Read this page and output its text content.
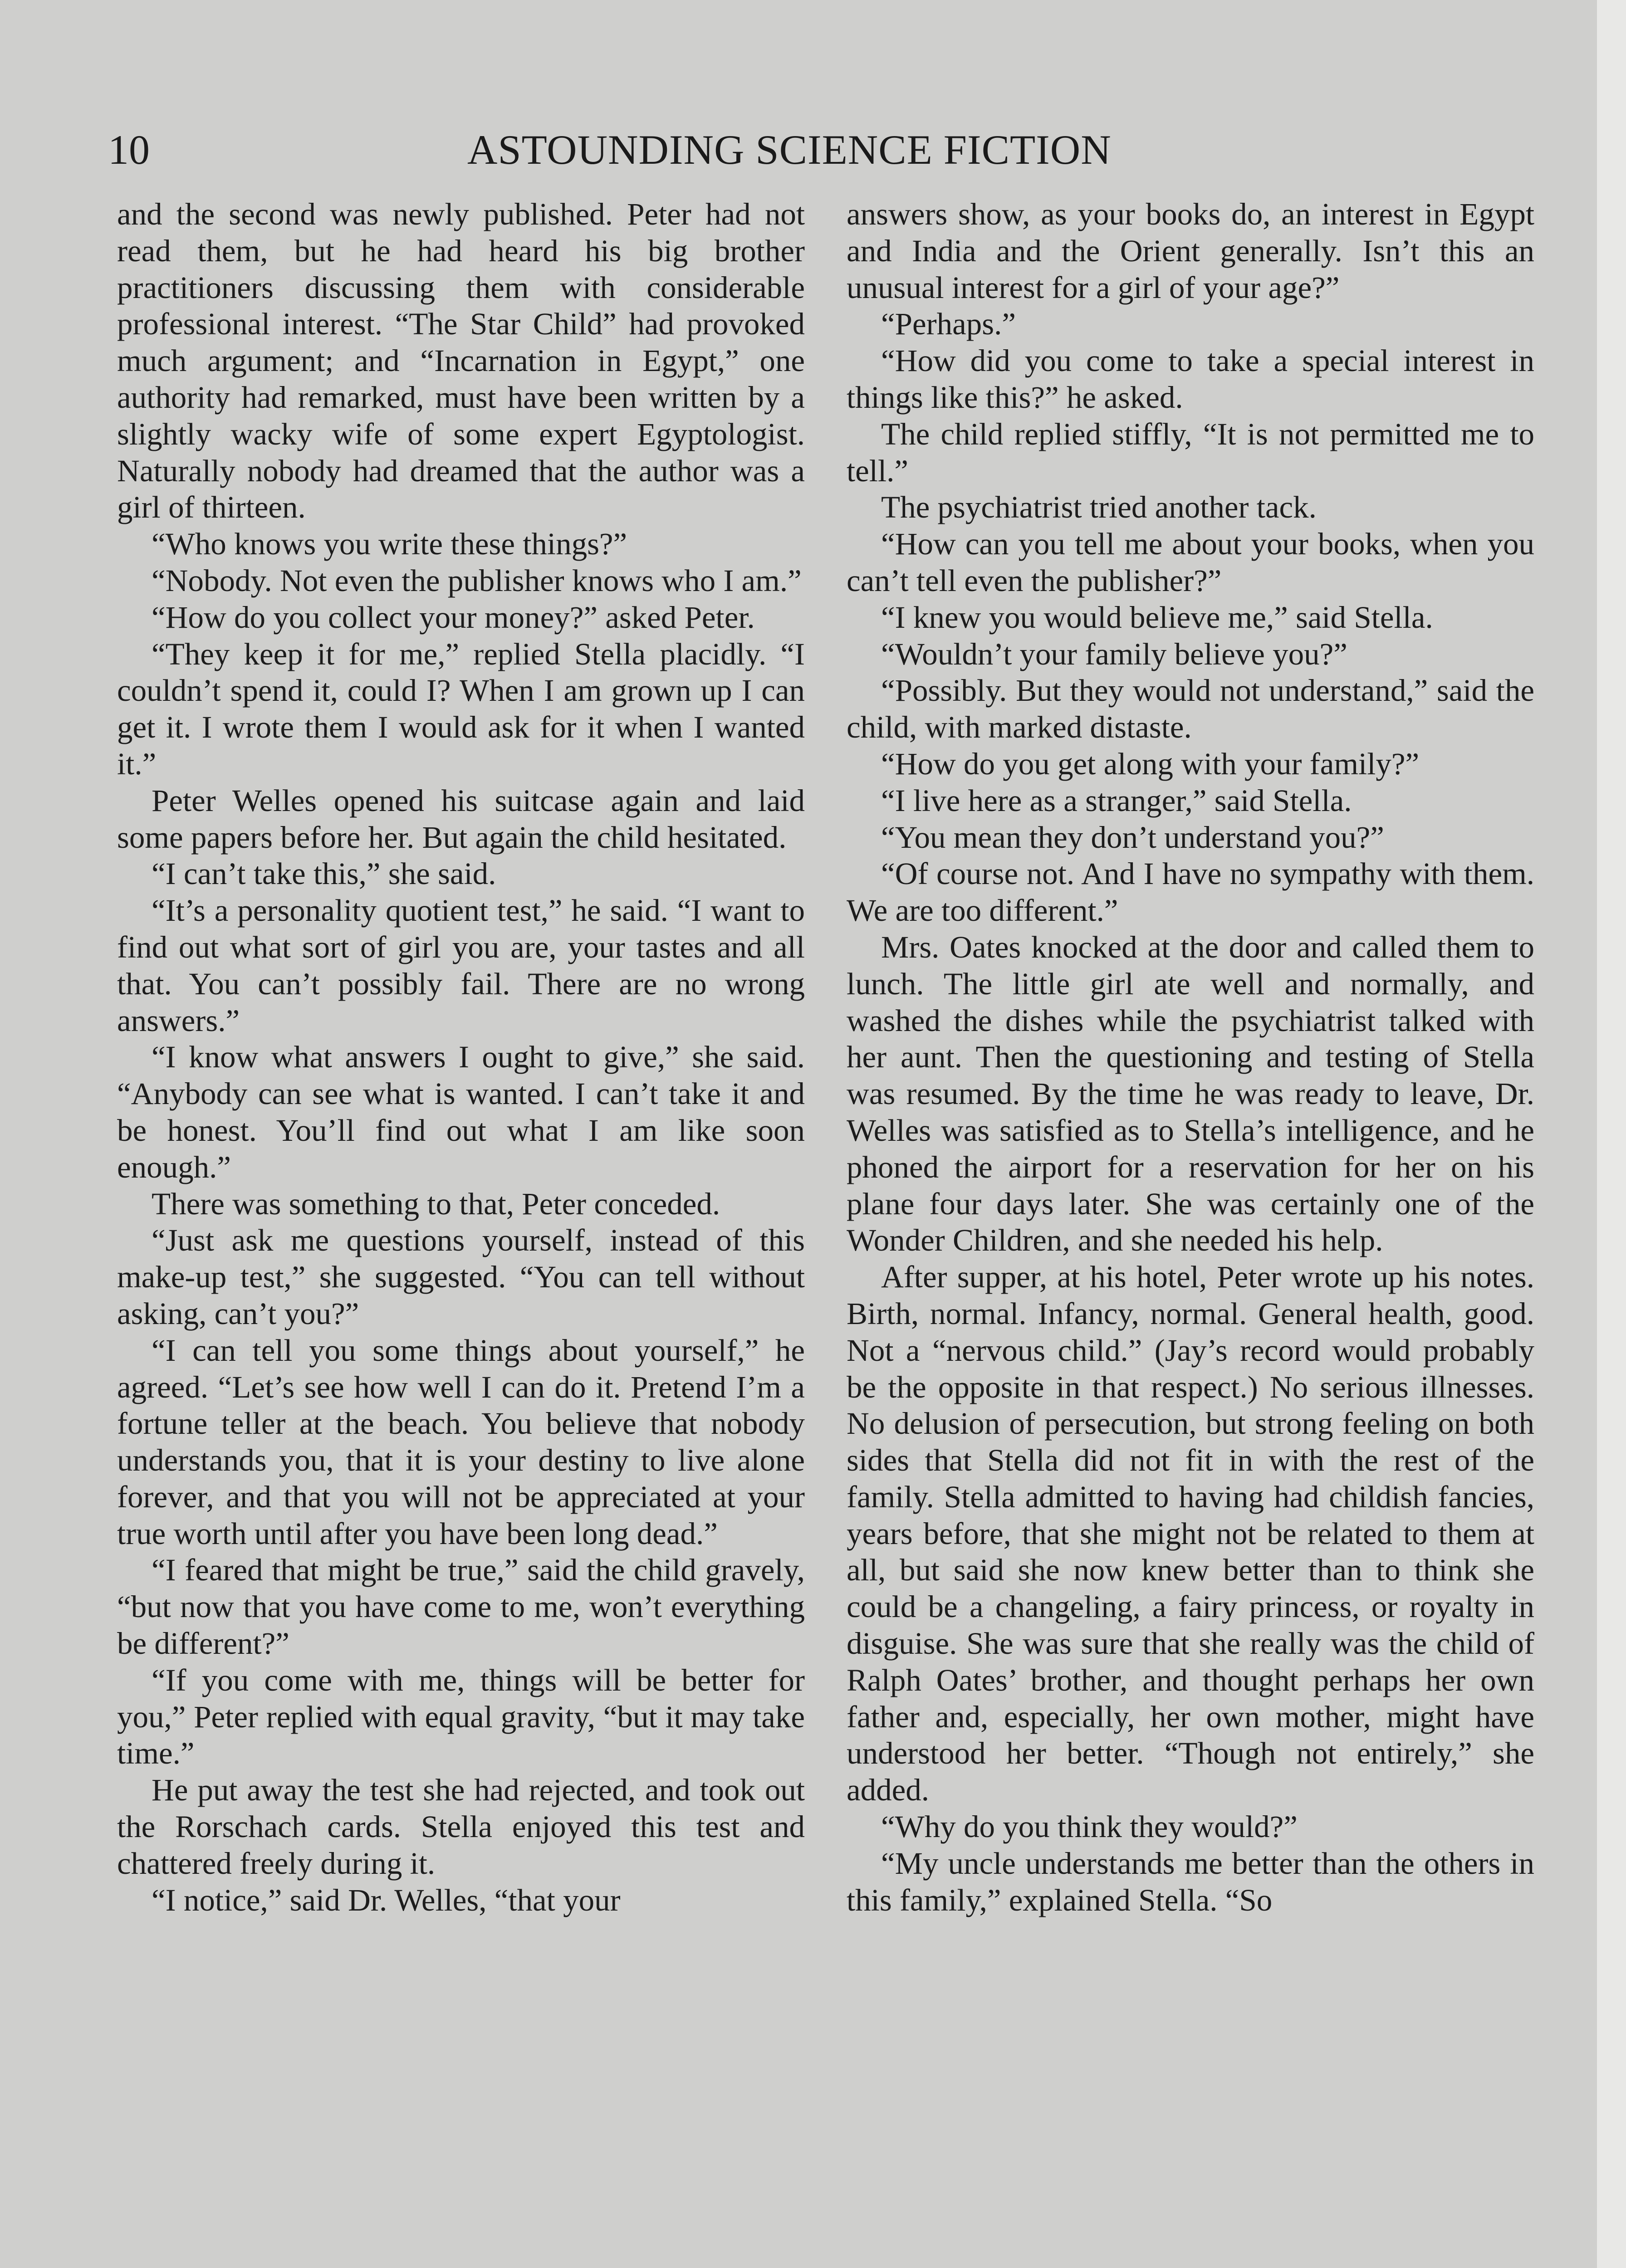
10	ASTOUNDING SCIENCE FICTION

and the second was newly published. Peter had not read them, but he had heard his big brother practitioners discussing them with considerable professional interest. “The Star Child” had provoked much argument; and “Incarnation in Egypt,” one authority had remarked, must have been written by a slightly wacky wife of some expert Egyptologist. Naturally nobody had dreamed that the author was a girl of thirteen.

“Who knows you write these things?”

“Nobody. Not even the publisher knows who I am.”

“How do you collect your money?” asked Peter.

“They keep it for me,” replied Stella placidly. “I couldn’t spend it, could I? When I am grown up I can get it. I wrote them I would ask for it when I wanted it.”

Peter Welles opened his suitcase again and laid some papers before her. But again the child hesitated.

“I can’t take this,” she said.

“It’s a personality quotient test,” he said. “I want to find out what sort of girl you are, your tastes and all that. You can’t possibly fail. There are no wrong answers.”

“I know what answers I ought to give,” she said. “Anybody can see what is wanted. I can’t take it and be honest. You’ll find out what I am like soon enough.”

There was something to that, Peter conceded.

“Just ask me questions yourself, instead of this make-up test,” she suggested. “You can tell without asking, can’t you?”

“I can tell you some things about yourself,” he agreed. “Let’s see how well I can do it. Pretend I’m a fortune teller at the beach. You believe that nobody understands you, that it is your destiny to live alone forever, and that you will not be appreciated at your true worth until after you have been long dead.”

“I feared that might be true,” said the child gravely, “but now that you have come to me, won’t everything be different?”

“If you come with me, things will be better for you,” Peter replied with equal gravity, “but it may take time.”

He put away the test she had rejected, and took out the Rorschach cards. Stella enjoyed this test and chattered freely during it.

“I notice,” said Dr. Welles, “that your

answers show, as your books do, an interest in Egypt and India and the Orient generally. Isn’t this an unusual interest for a girl of your age?”

“Perhaps.”

“How did you come to take a special interest in things like this?” he asked.

The child replied stiffly, “It is not permitted me to tell.”

The psychiatrist tried another tack.

“How can you tell me about your books, when you can’t tell even the publisher?”

“I knew you would believe me,” said Stella.

“Wouldn’t your family believe you?”

“Possibly. But they would not understand,” said the child, with marked distaste.

“How do you get along with your family?”

“I live here as a stranger,” said Stella.

“You mean they don’t understand you?”

“Of course not. And I have no sympathy with them. We are too different.”

Mrs. Oates knocked at the door and called them to lunch. The little girl ate well and normally, and washed the dishes while the psychiatrist talked with her aunt. Then the questioning and testing of Stella was resumed. By the time he was ready to leave, Dr. Welles was satisfied as to Stella’s intelligence, and he phoned the airport for a reservation for her on his plane four days later. She was certainly one of the Wonder Children, and she needed his help.

After supper, at his hotel, Peter wrote up his notes. Birth, normal. Infancy, normal. General health, good. Not a “nervous child.” (Jay’s record would probably be the opposite in that respect.) No serious illnesses. No delusion of persecution, but strong feeling on both sides that Stella did not fit in with the rest of the family. Stella admitted to having had childish fancies, years before, that she might not be related to them at all, but said she now knew better than to think she could be a changeling, a fairy princess, or royalty in disguise. She was sure that she really was the child of Ralph Oates’ brother, and thought perhaps her own father and, especially, her own mother, might have understood her better. “Though not entirely,” she added.

“Why do you think they would?”

“My uncle understands me better than the others in this family,” explained Stella. “So
